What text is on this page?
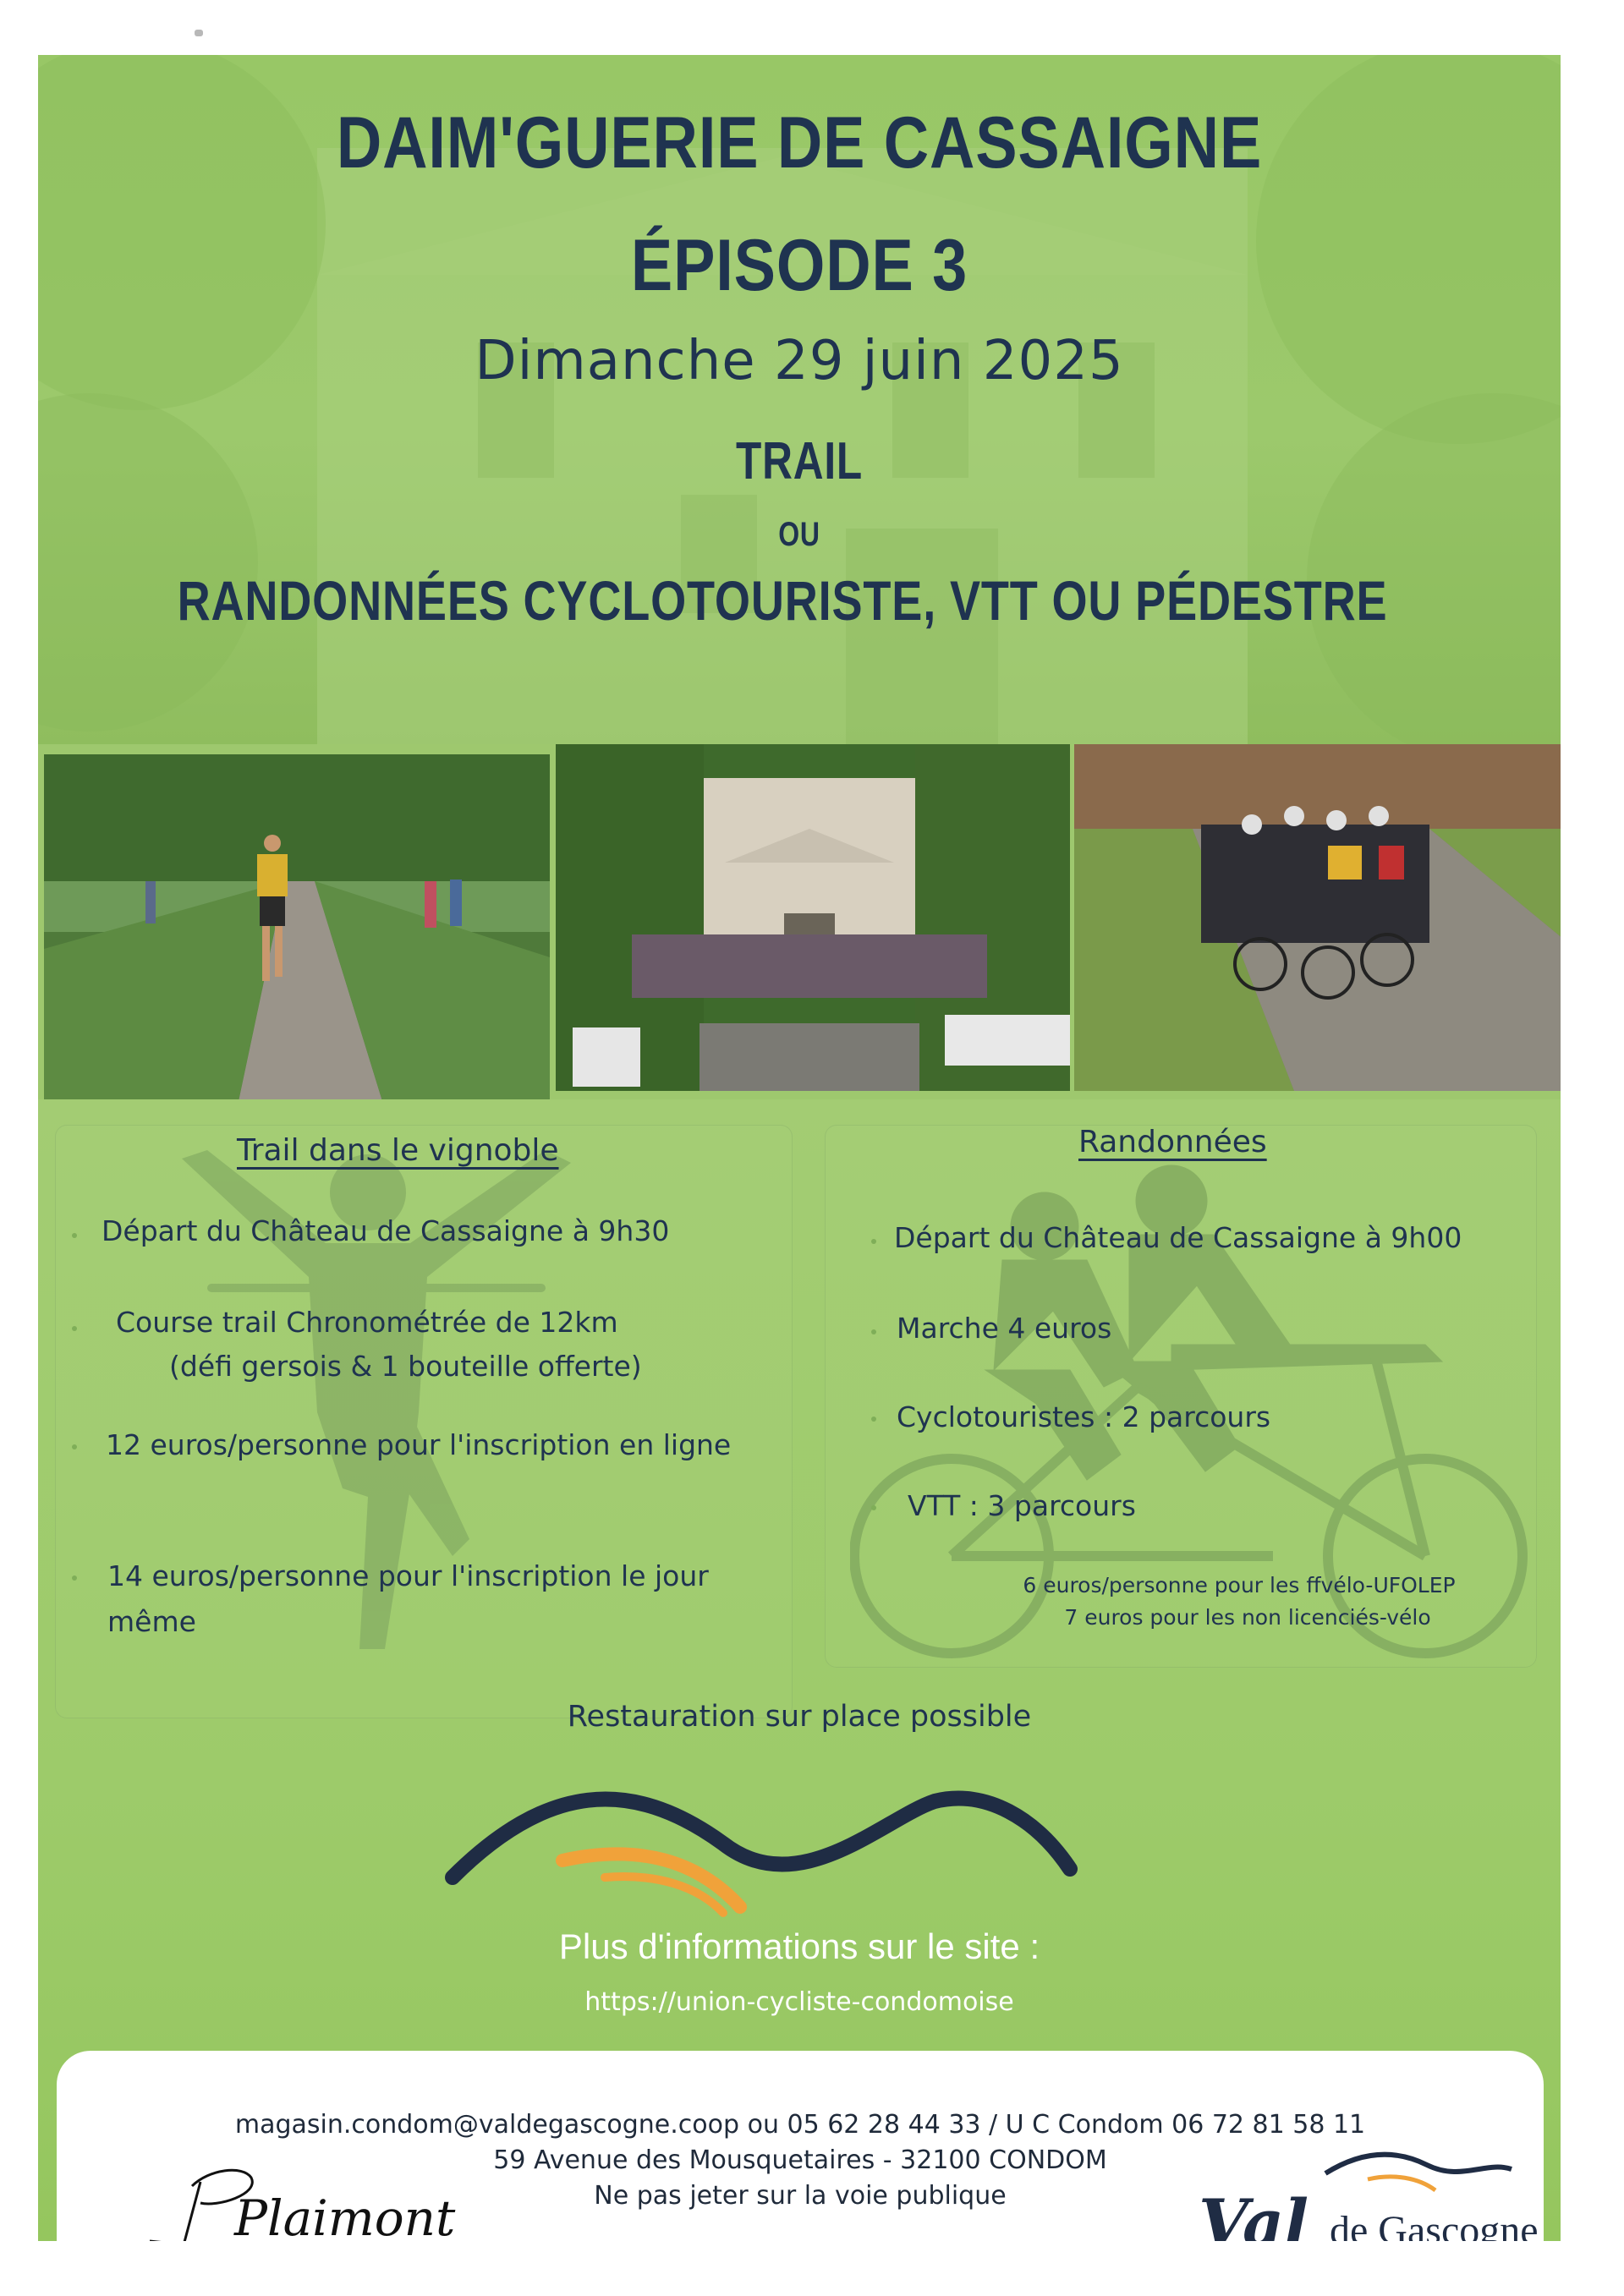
DAIM'GUERIE DE CASSAIGNE
ÉPISODE 3
Dimanche 29 juin 2025
TRAIL
OU
RANDONNÉES CYCLOTOURISTE, VTT OU PÉDESTRE
Trail dans le vignoble	Randonnées
Départ du Château de Cassaigne à 9h30
Course trail Chronométrée de 12km
(défi gersois & 1 bouteille offerte)
12 euros/personne pour l'inscription en ligne
14 euros/personne pour l'inscription le jour
même
Départ du Château de Cassaigne à 9h00
Marche 4 euros
Cyclotouristes : 2 parcours
VTT : 3 parcours
6 euros/personne pour les ffvélo-UFOLEP
7 euros pour les non licenciés-vélo
Restauration sur place possible
Plus d'informations sur le site :
https://union-cycliste-condomoise
magasin.condom@valdegascogne.coop ou 05 62 28 44 33 / U C Condom 06 72 81 58 11
59 Avenue des Mousquetaires - 32100 CONDOM
Ne pas jeter sur la voie publique
Plaimont	Val de Gascogne
